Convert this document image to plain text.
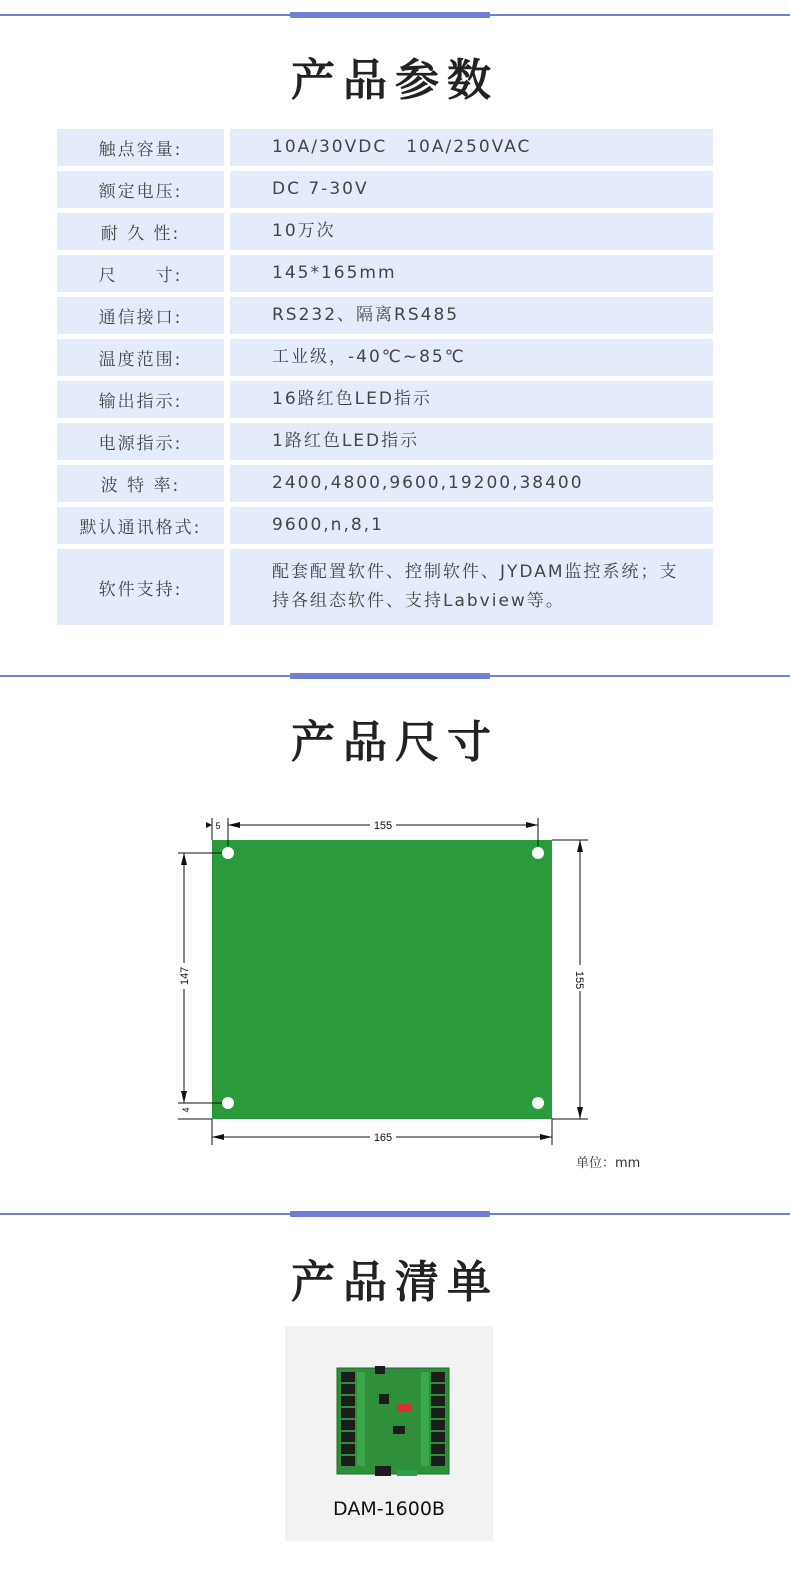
产品参数
触点容量:	10A/30VDC　10A/250VAC
额定电压:	DC 7-30V
耐 久 性:	10万次
尺　　寸:	145*165mm
通信接口:	RS232、隔离RS485
温度范围:	工业级，-40℃~85℃
输出指示:	16路红色LED指示
电源指示:	1路红色LED指示
波 特 率:	2400,4800,9600,19200,38400
默认通讯格式:	9600,n,8,1
软件支持:
配套配置软件、控制软件、JYDAM监控系统；支持各组态软件、支持Labview等。
产品尺寸
155
5
147
4
155
165
单位：mm
产品清单
DAM-1600B
